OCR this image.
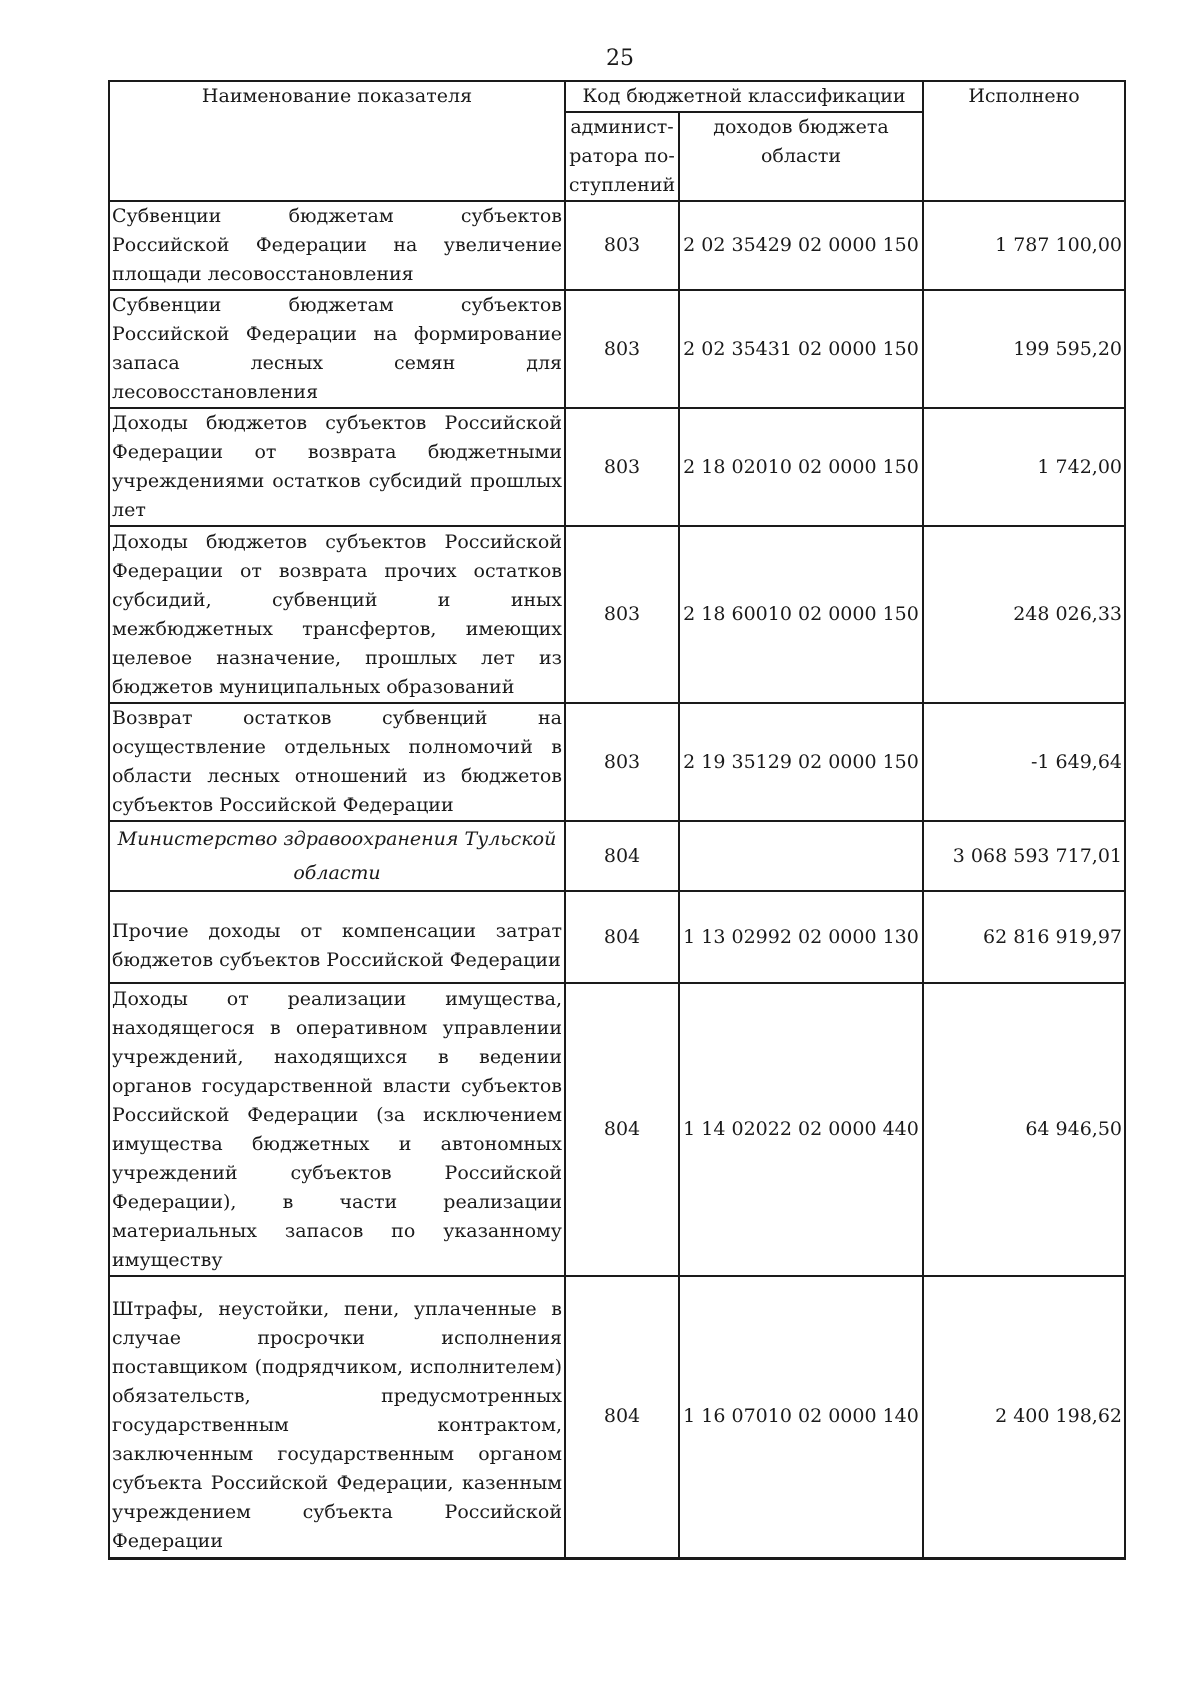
25
Наименование показателя	Код бюджетной классификации		Исполнено
	админист-ратора по-ступлений	доходов бюджета области	
Субвенции бюджетам субъектов Российской Федерации на увеличение площади лесовосстановления	803	2 02 35429 02 0000 150	1 787 100,00
Субвенции бюджетам субъектов Российской Федерации на формирование запаса лесных семян для лесовосстановления	803	2 02 35431 02 0000 150	199 595,20
Доходы бюджетов субъектов Российской Федерации от возврата бюджетными учреждениями остатков субсидий прошлых лет	803	2 18 02010 02 0000 150	1 742,00
Доходы бюджетов субъектов Российской Федерации от возврата прочих остатков субсидий, субвенций и иных межбюджетных трансфертов, имеющих целевое назначение, прошлых лет из бюджетов муниципальных образований	803	2 18 60010 02 0000 150	248 026,33
Возврат остатков субвенций на осуществление отдельных полномочий в области лесных отношений из бюджетов субъектов Российской Федерации	803	2 19 35129 02 0000 150	-1 649,64
Министерство здравоохранения Тульской области	804		3 068 593 717,01
Прочие доходы от компенсации затрат бюджетов субъектов Российской Федерации	804	1 13 02992 02 0000 130	62 816 919,97
Доходы от реализации имущества, находящегося в оперативном управлении учреждений, находящихся в ведении органов государственной власти субъектов Российской Федерации (за исключением имущества бюджетных и автономных учреждений субъектов Российской Федерации), в части реализации материальных запасов по указанному имуществу	804	1 14 02022 02 0000 440	64 946,50
Штрафы, неустойки, пени, уплаченные в случае просрочки исполнения поставщиком (подрядчиком, исполнителем) обязательств, предусмотренных государственным контрактом, заключенным государственным органом субъекта Российской Федерации, казенным учреждением субъекта Российской Федерации	804	1 16 07010 02 0000 140	2 400 198,62
